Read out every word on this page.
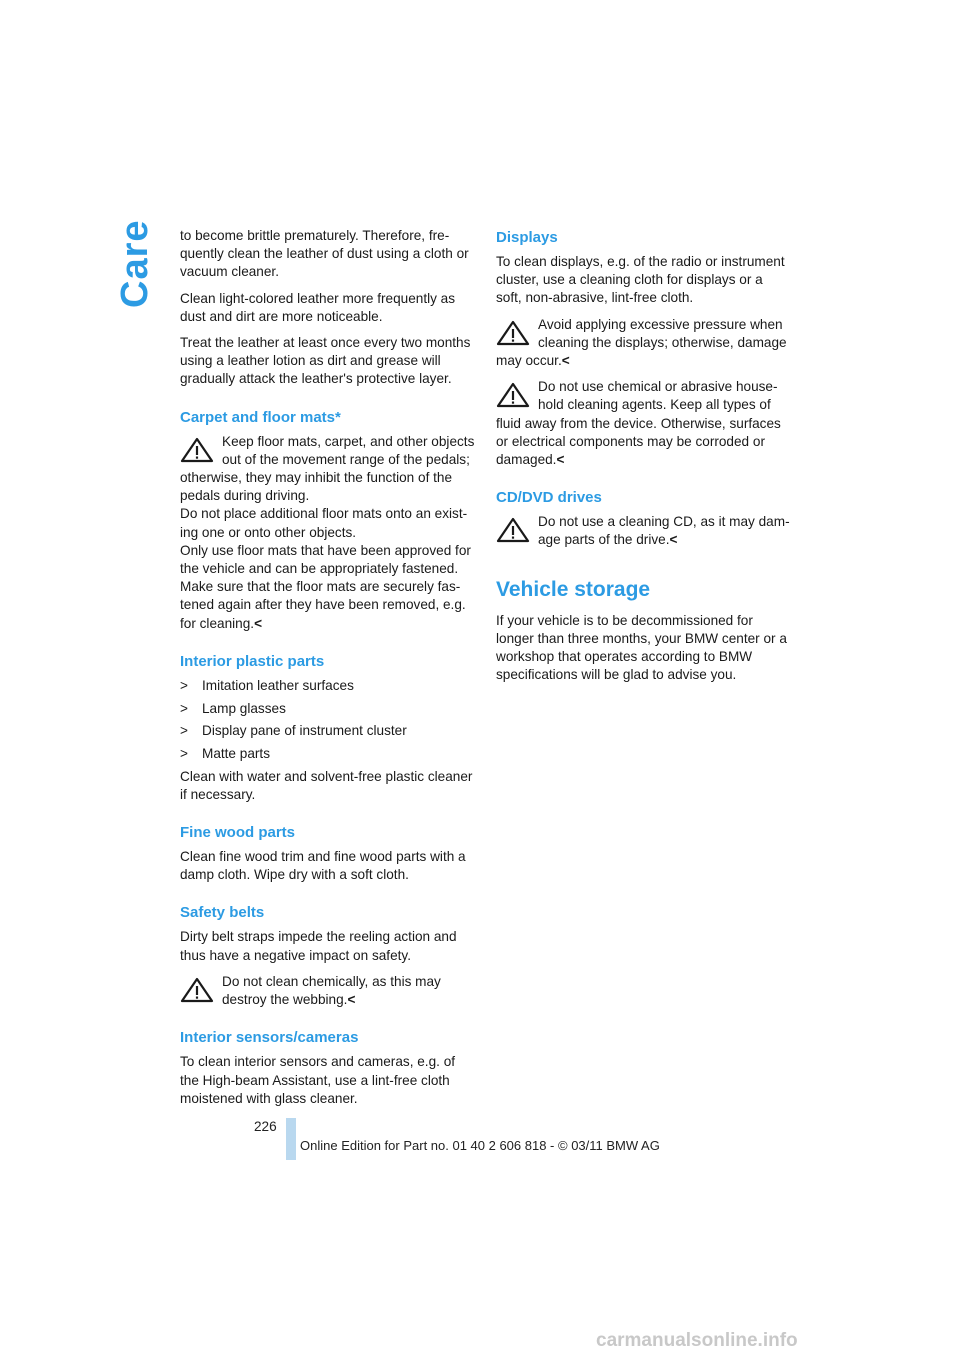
Care to become brittle prematurely. Therefore, fre-quently clean the leather of dust using a cloth or vacuum cleaner.

Clean light-colored leather more frequently as dust and dirt are more noticeable.

Treat the leather at least once every two months using a leather lotion as dirt and grease will gradually attack the leather's protective layer.

Carpet and floor mats*

Keep floor mats, carpet, and other objects out of the movement range of the pedals; otherwise, they may inhibit the function of the pedals during driving.

Do not place additional floor mats onto an exist-ing one or onto other objects.

Only use floor mats that have been approved for the vehicle and can be appropriately fastened.

Make sure that the floor mats are securely fas-tened again after they have been removed, e.g. for cleaning.<

Interior plastic parts
>	Imitation leather surfaces
>	Lamp glasses
>	Display pane of instrument cluster
>	Matte parts

Clean with water and solvent-free plastic cleaner if necessary.

Fine wood parts

Clean fine wood trim and fine wood parts with a damp cloth. Wipe dry with a soft cloth.

Safety belts

Dirty belt straps impede the reeling action and thus have a negative impact on safety.

Do not clean chemically, as this may destroy the webbing.<

Interior sensors/cameras

To clean interior sensors and cameras, e.g. of the High-beam Assistant, use a lint-free cloth moistened with glass cleaner.

Displays

To clean displays, e.g. of the radio or instrument cluster, use a cleaning cloth for displays or a soft, non-abrasive, lint-free cloth.

Avoid applying excessive pressure when cleaning the displays; otherwise, damage may occur.<

Do not use chemical or abrasive house-hold cleaning agents. Keep all types of fluid away from the device. Otherwise, surfaces or electrical components may be corroded or damaged.<

CD/DVD drives

Do not use a cleaning CD, as it may dam-age parts of the drive.<

Vehicle storage

If your vehicle is to be decommissioned for longer than three months, your BMW center or a workshop that operates according to BMW specifications will be glad to advise you.

226
Online Edition for Part no. 01 40 2 606 818 - © 03/11 BMW AG
carmanualsonline.info
